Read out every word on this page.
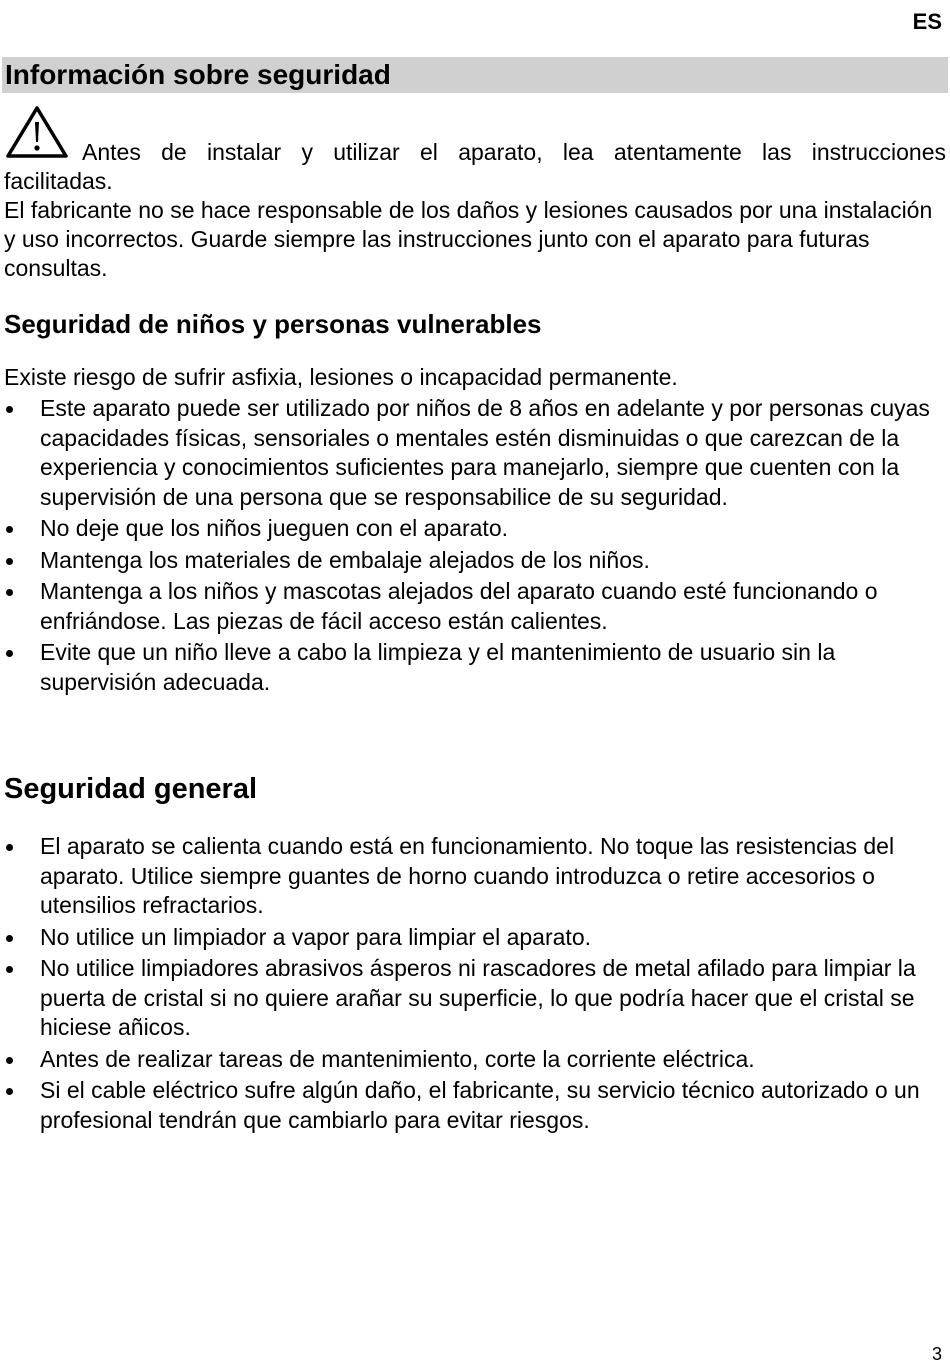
ES

Información sobre seguridad

Antes de instalar y utilizar el aparato, lea atentamente las instrucciones

facilitadas.

El fabricante no se hace responsable de los daños y lesiones causados por una instalación y uso incorrectos. Guarde siempre las instrucciones junto con el aparato para futuras consultas.

Seguridad de niños y personas vulnerables

Existe riesgo de sufrir asfixia, lesiones o incapacidad permanente.

Este aparato puede ser utilizado por niños de 8 años en adelante y por personas cuyas capacidades físicas, sensoriales o mentales estén disminuidas o que carezcan de la experiencia y conocimientos suficientes para manejarlo, siempre que cuenten con la supervisión de una persona que se responsabilice de su seguridad.
No deje que los niños jueguen con el aparato.
Mantenga los materiales de embalaje alejados de los niños.
Mantenga a los niños y mascotas alejados del aparato cuando esté funcionando o enfriándose. Las piezas de fácil acceso están calientes.
Evite que un niño lleve a cabo la limpieza y el mantenimiento de usuario sin la supervisión adecuada.
Seguridad general
El aparato se calienta cuando está en funcionamiento. No toque las resistencias del aparato. Utilice siempre guantes de horno cuando introduzca o retire accesorios o utensilios refractarios.
No utilice un limpiador a vapor para limpiar el aparato.
No utilice limpiadores abrasivos ásperos ni rascadores de metal afilado para limpiar la puerta de cristal si no quiere arañar su superficie, lo que podría hacer que el cristal se hiciese añicos.
Antes de realizar tareas de mantenimiento, corte la corriente eléctrica.
Si el cable eléctrico sufre algún daño, el fabricante, su servicio técnico autorizado o un profesional tendrán que cambiarlo para evitar riesgos.

3
